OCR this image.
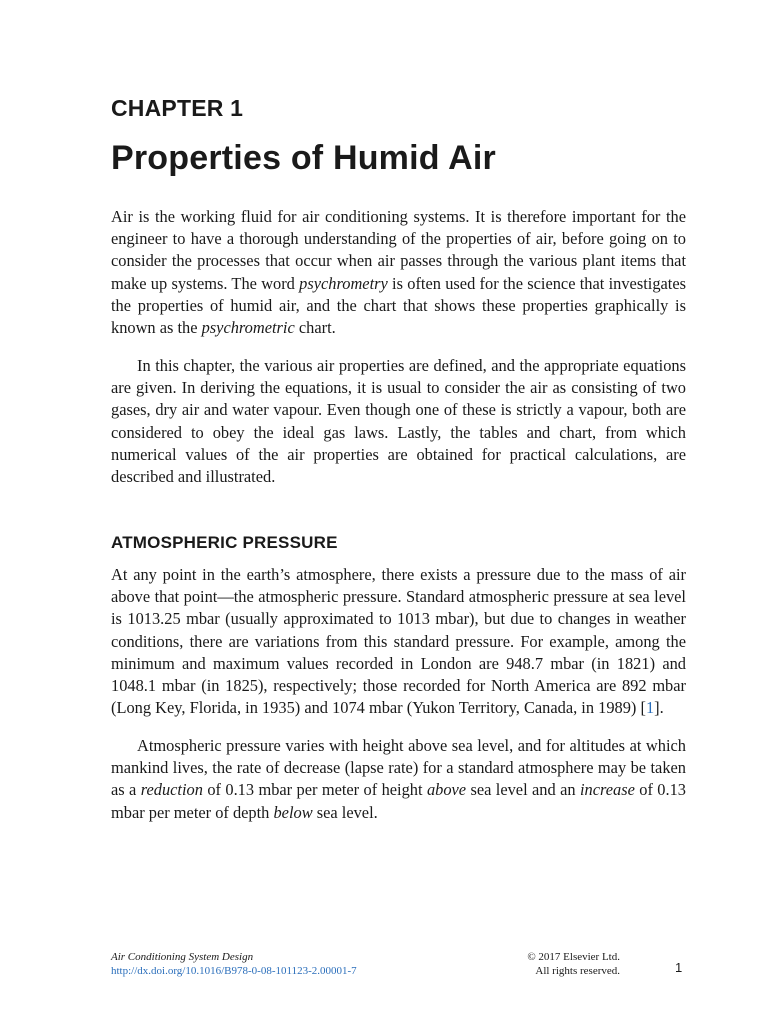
CHAPTER 1
Properties of Humid Air

Air is the working fluid for air conditioning systems. It is therefore important for the engineer to have a thorough understanding of the properties of air, before going on to consider the processes that occur when air passes through the various plant items that make up systems. The word psychrometry is often used for the science that investigates the properties of humid air, and the chart that shows these properties graphically is known as the psychrometric chart.

In this chapter, the various air properties are defined, and the appropriate equations are given. In deriving the equations, it is usual to consider the air as consisting of two gases, dry air and water vapour. Even though one of these is strictly a vapour, both are considered to obey the ideal gas laws. Lastly, the tables and chart, from which numerical values of the air properties are obtained for practical calculations, are described and illustrated.

ATMOSPHERIC PRESSURE

At any point in the earth’s atmosphere, there exists a pressure due to the mass of air above that point—the atmospheric pressure. Standard atmospheric pressure at sea level is 1013.25 mbar (usually approximated to 1013 mbar), but due to changes in weather conditions, there are variations from this standard pressure. For example, among the minimum and maximum values recorded in London are 948.7 mbar (in 1821) and 1048.1 mbar (in 1825), respectively; those recorded for North America are 892 mbar (Long Key, Florida, in 1935) and 1074 mbar (Yukon Territory, Canada, in 1989) [1].

Atmospheric pressure varies with height above sea level, and for altitudes at which mankind lives, the rate of decrease (lapse rate) for a standard atmosphere may be taken as a reduction of 0.13 mbar per meter of height above sea level and an increase of 0.13 mbar per meter of depth below sea level.

Air Conditioning System Design
http://dx.doi.org/10.1016/B978-0-08-101123-2.00001-7
© 2017 Elsevier Ltd.
All rights reserved.	1
